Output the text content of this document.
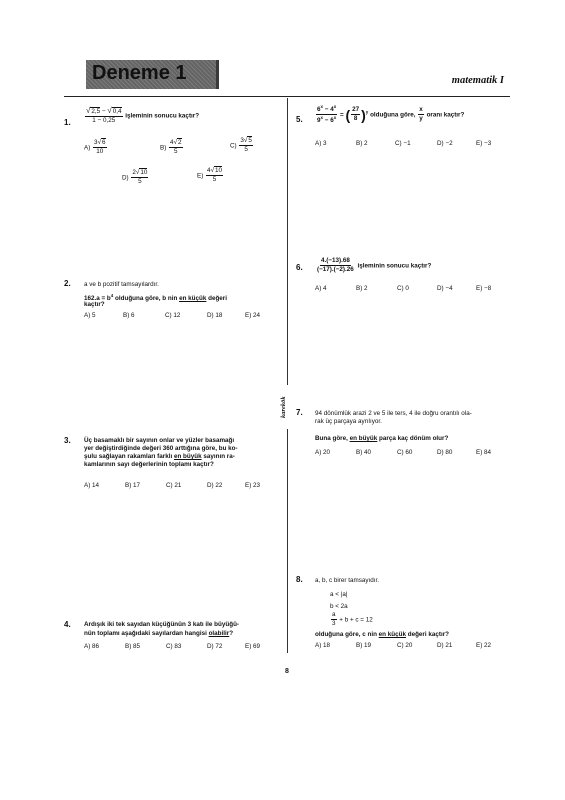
Deneme 1	matematik I
karekök
8
1. $\frac{√2,5 - √0,4}{1 - 0,25}$ işleminin sonucu kaçtır?
$A) \frac{3√6}{10}$	$B) \frac{4√2}{5}$	$C) \frac{3√5}{5}$
$D) \frac{2√10}{5}$	$E) \frac{4√10}{5}$
2. a ve b pozitif tamsayılardır.
$162.a = b^4$ olduğuna göre, b nin en küçük değeri
kaçtır?
A) 5	B) 6	C) 12	D) 18	E) 24
3. Üç basamaklı bir sayının onlar ve yüzler basamağı
yer değiştirdiğinde değeri 360 arttığına göre, bu ko-
şulu sağlayan rakamları farklı en büyük sayının ra-
kamlarının sayı değerlerinin toplamı kaçtır?
A) 14	B) 17	C) 21	D) 22	E) 23
4. Ardışık iki tek sayıdan küçüğünün 3 katı ile büyüğü-
nün toplamı aşağıdaki sayılardan hangisi olabilir?
A) 86	B) 85	C) 83	D) 72	E) 69
5. $\frac{6^x - 4^x}{9^x - 6^x}$ = ( $\frac{27}{8} )^y$ olduğuna göre, $\frac{x}{y}$ oranı kaçtır?
A) 3	B) 2	C) −1	D) −2	E) −3
6. $\frac{4.(-13).68}{(-17).(-2).26}$ işleminin sonucu kaçtır?
A) 4	B) 2	C) 0	D) −4	E) −8
7. 94 dönümlük arazi 2 ve 5 ile ters, 4 ile doğru orantılı ola-
rak üç parçaya ayrılıyor.
Buna göre, en büyük parça kaç dönüm olur?
A) 20	B) 40	C) 60	D) 80	E) 84
8. a, b, c birer tamsayıdır.
a < |a|
b < 2a
$\frac{a}{3} + b + c = 12$
olduğuna göre, c nin en küçük değeri kaçtır?
A) 18	B) 19	C) 20	D) 21	E) 22
